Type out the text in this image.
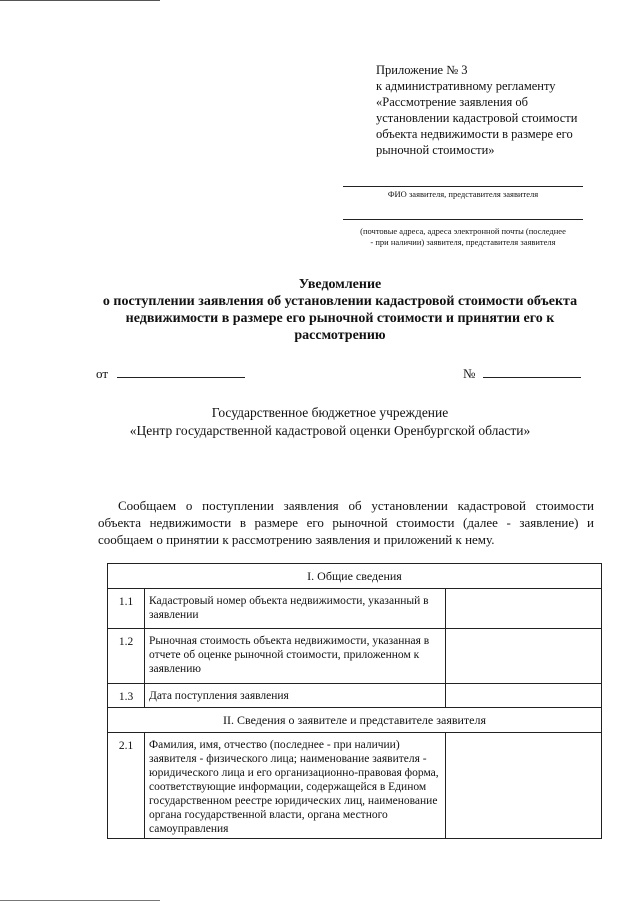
Приложение № 3
к административному регламенту
«Рассмотрение заявления об
установлении кадастровой стоимости
объекта недвижимости в размере его
рыночной стоимости»
ФИО заявителя, представителя заявителя
(почтовые адреса, адреса электронной почты (последнее
- при наличии) заявителя, представителя заявителя
Уведомление
о поступлении заявления об установлении кадастровой стоимости объекта
недвижимости в размере его рыночной стоимости и принятии его к
рассмотрению
от	№
Государственное бюджетное учреждение
«Центр государственной кадастровой оценки Оренбургской области»
Сообщаем о поступлении заявления об установлении кадастровой стоимости объекта недвижимости в размере его рыночной стоимости (далее - заявление) и сообщаем о принятии к рассмотрению заявления и приложений к нему.
I. Общие сведения		
1.1	Кадастровый номер объекта недвижимости, указанный в заявлении	
1.2	Рыночная стоимость объекта недвижимости, указанная в отчете об оценке рыночной стоимости, приложенном к заявлению	
1.3	Дата поступления заявления	
II. Сведения о заявителе и представителе заявителя		
2.1	Фамилия, имя, отчество (последнее - при наличии) заявителя - физического лица; наименование заявителя - юридического лица и его организационно-правовая форма, соответствующие информации, содержащейся в Едином государственном реестре юридических лиц, наименование органа государственной власти, органа местного самоуправления	
